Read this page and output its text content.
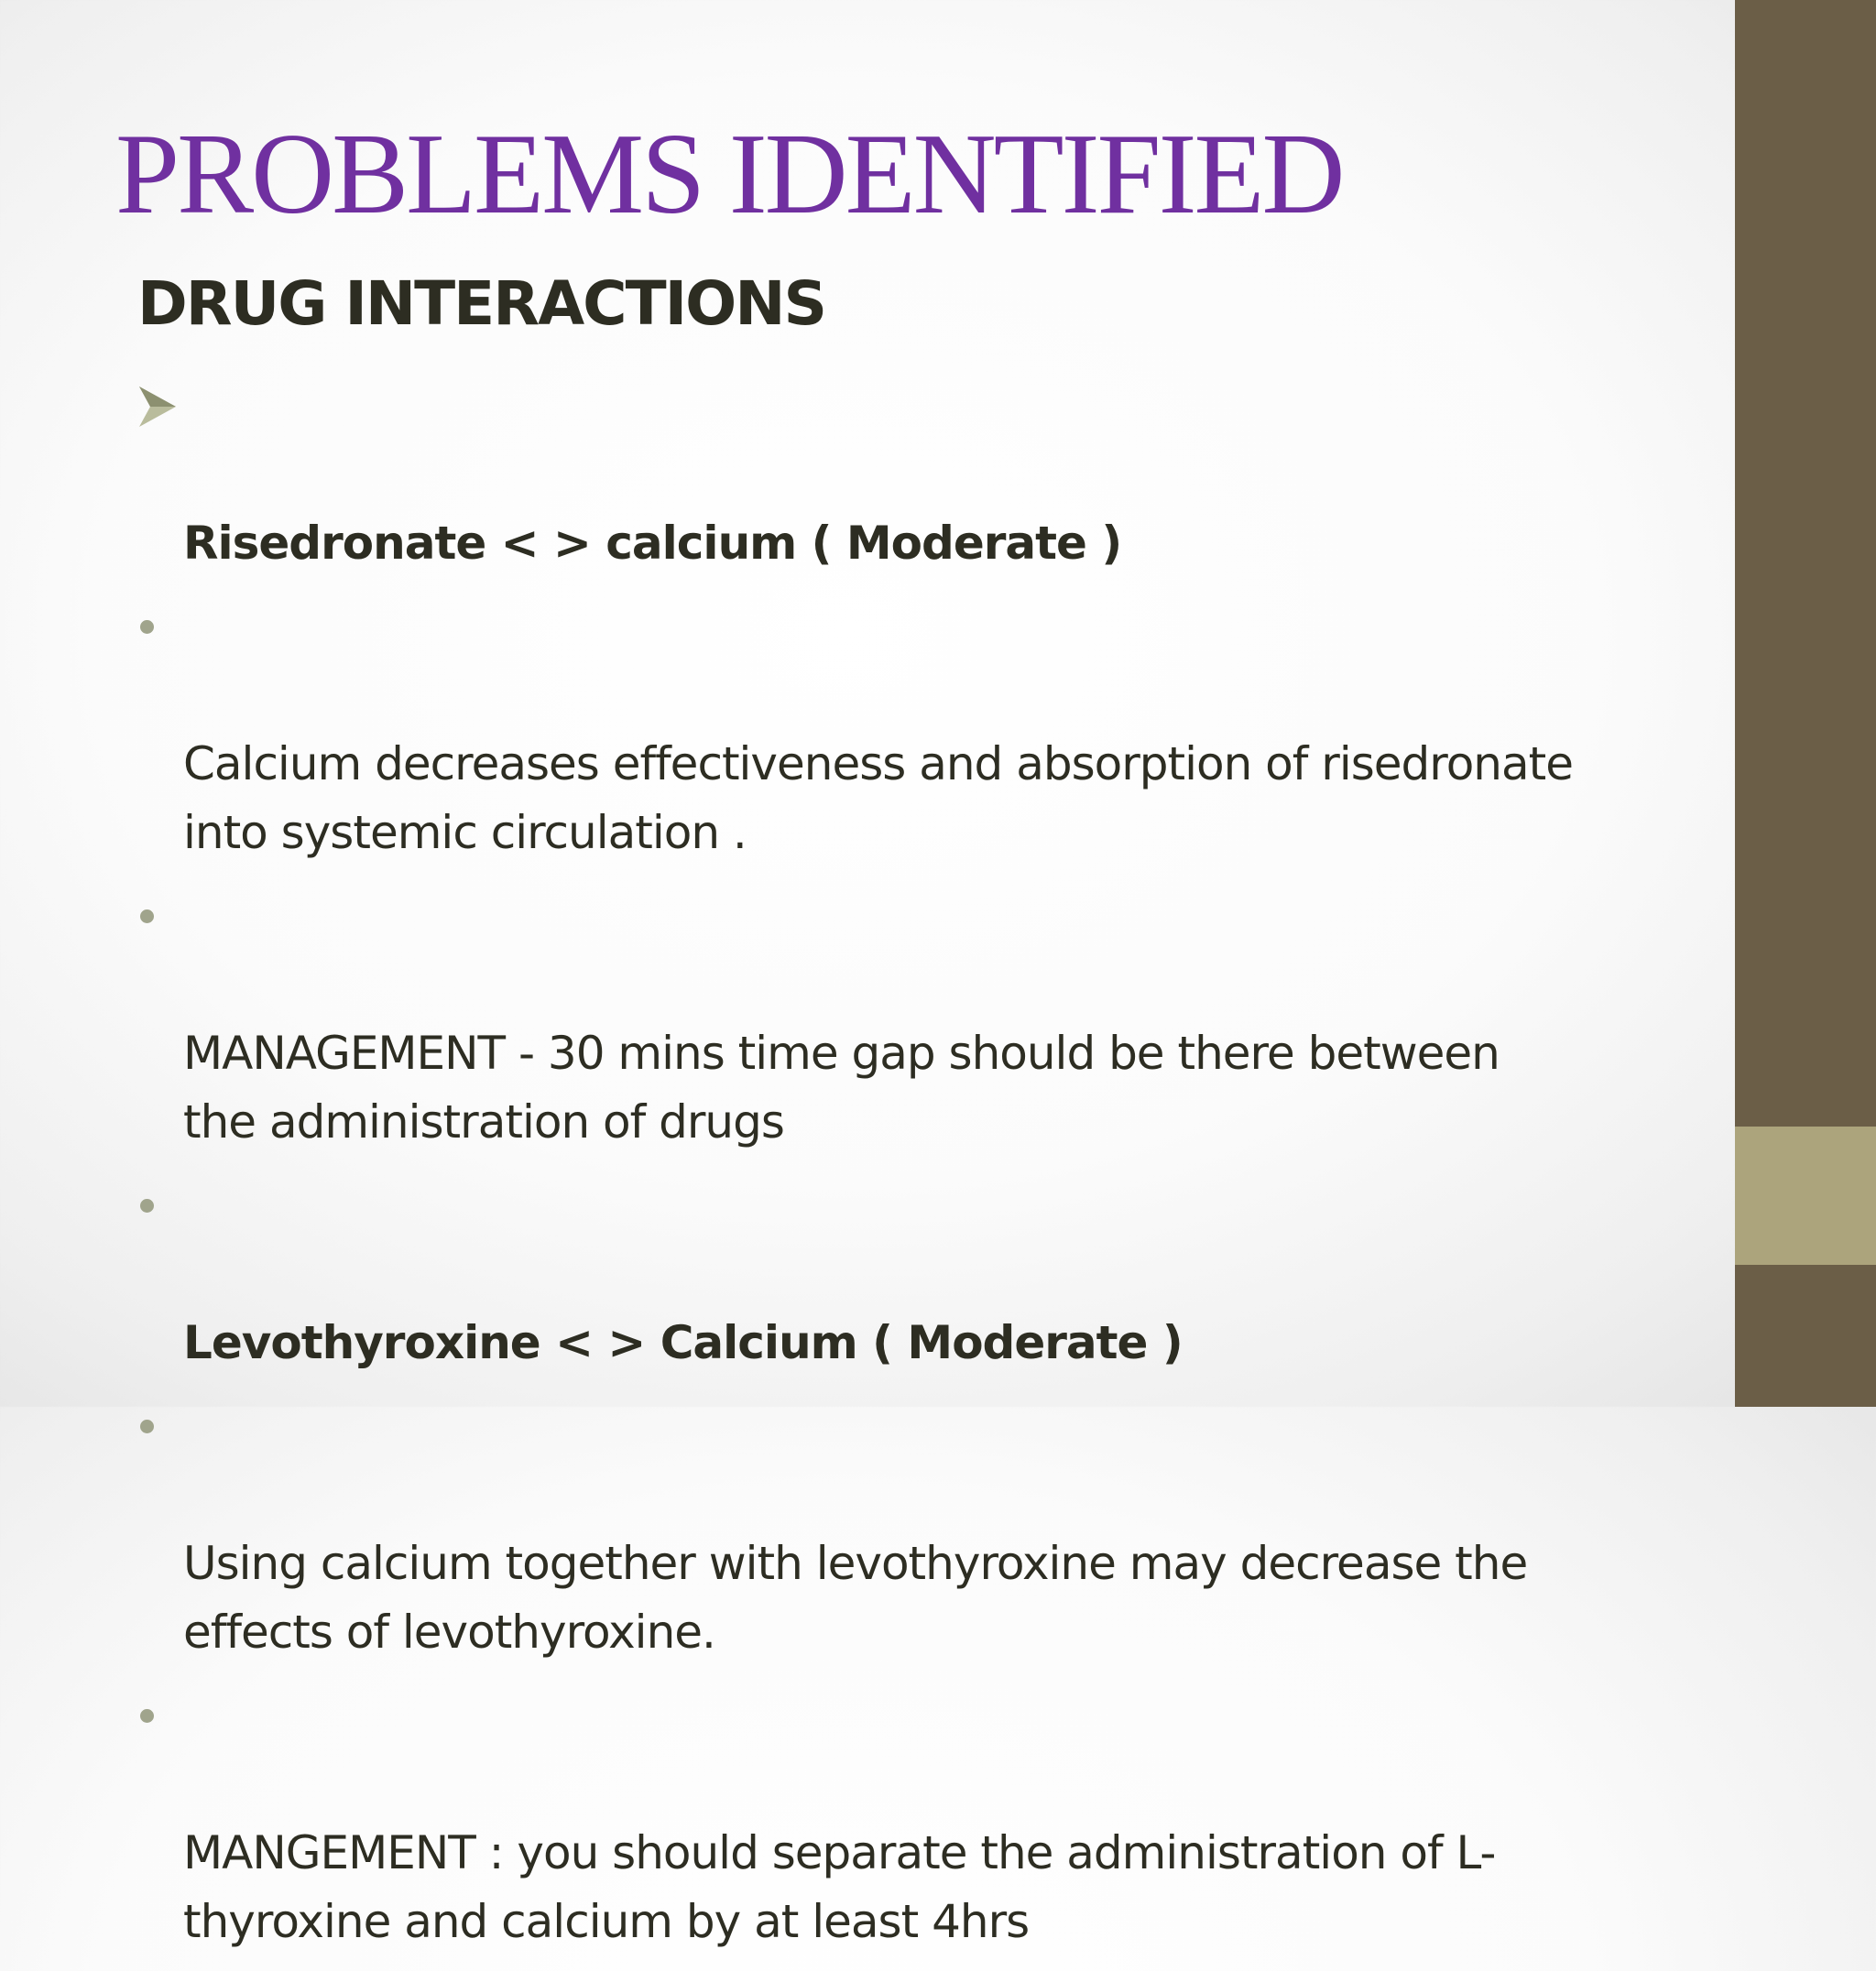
PROBLEMS IDENTIFIED
DRUG INTERACTIONS

Risedronate < > calcium ( Moderate )

Calcium decreases effectiveness and absorption of risedronate
into systemic circulation .

MANAGEMENT - 30 mins time gap should be there between
the administration of drugs

Levothyroxine < > Calcium ( Moderate )

Using calcium together with levothyroxine may decrease the
effects of levothyroxine.

MANGEMENT : you should separate the administration of L-
thyroxine and calcium by at least 4hrs
